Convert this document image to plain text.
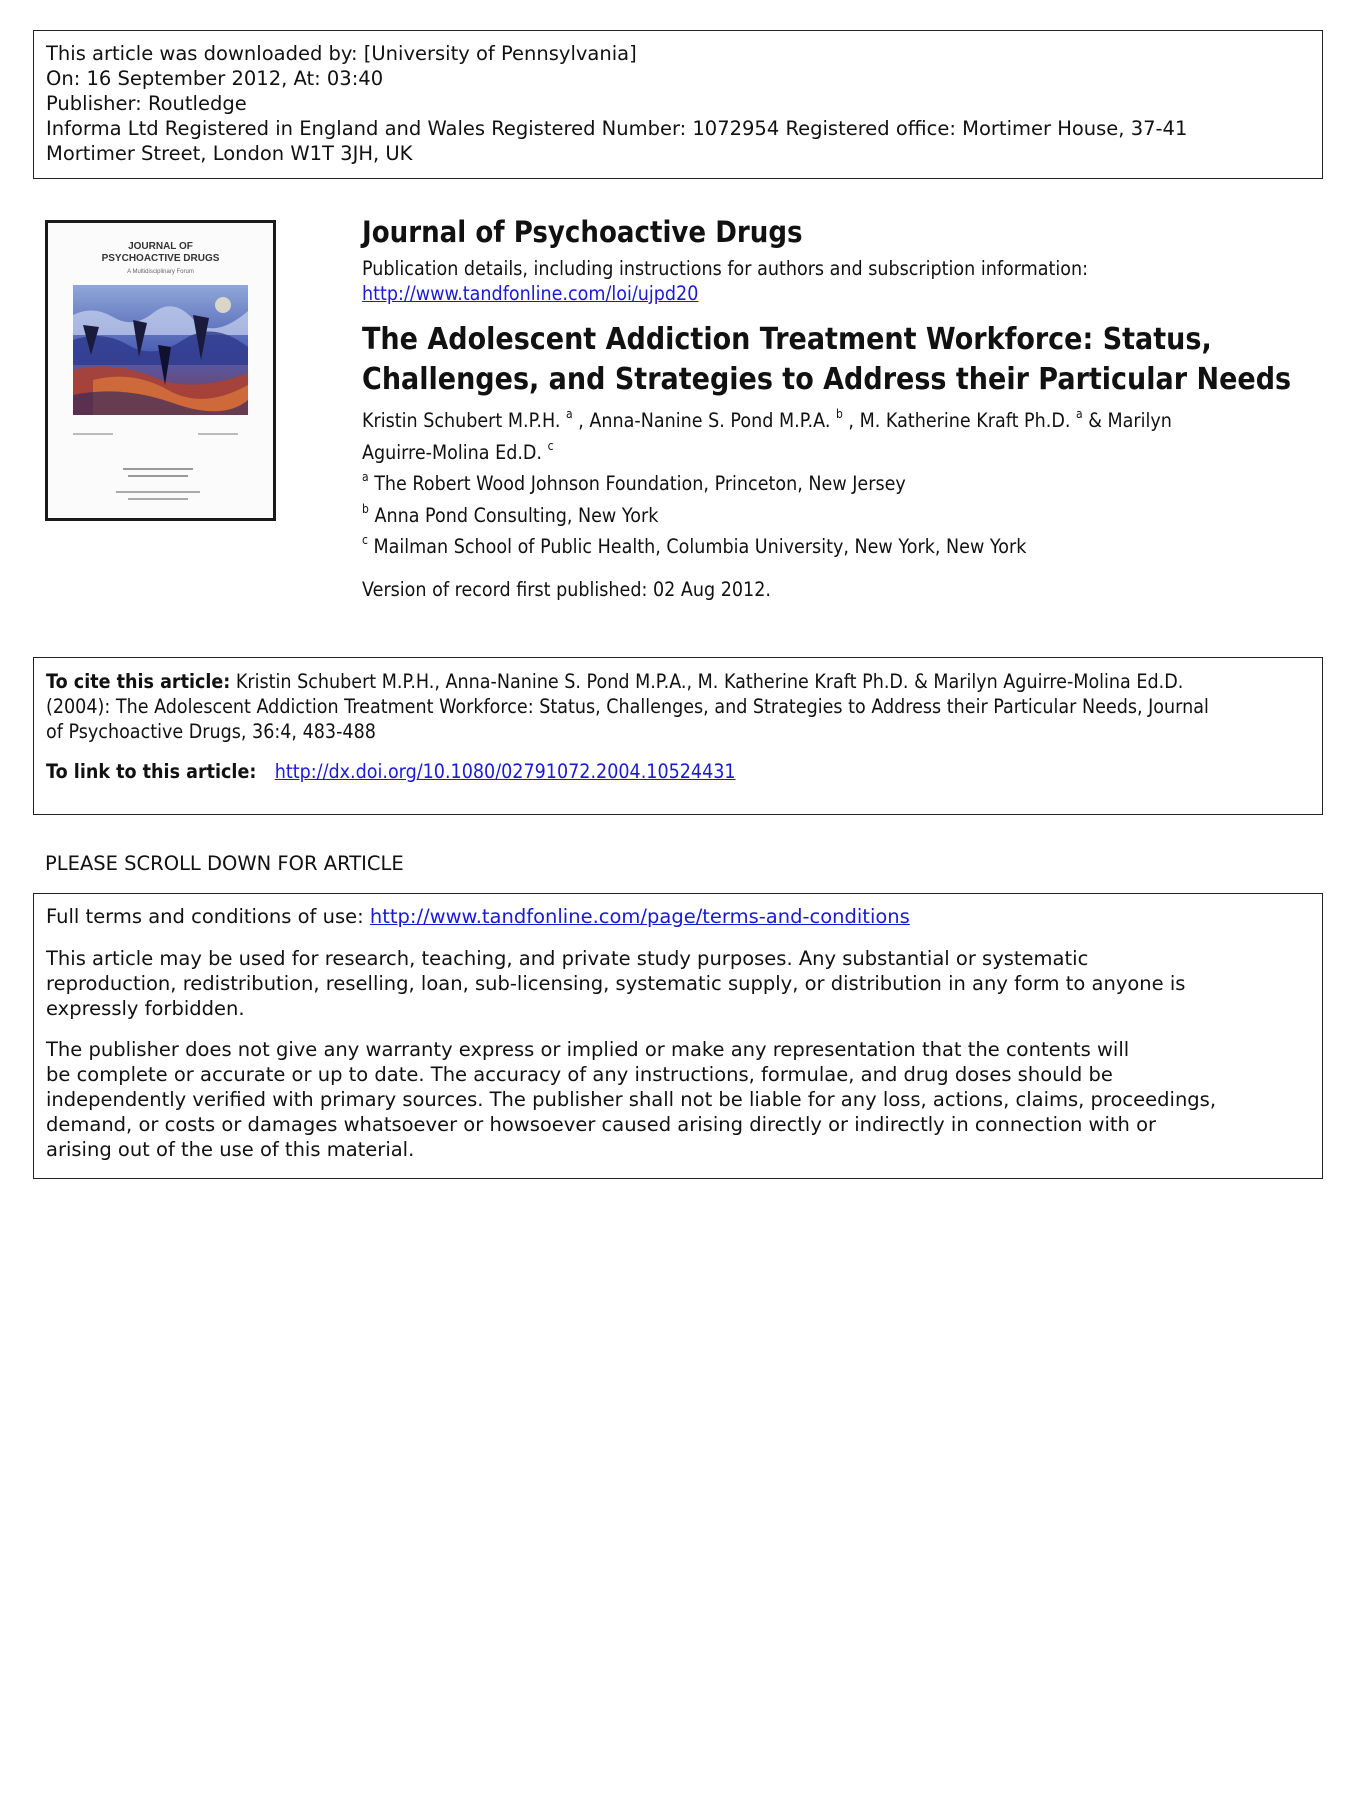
This article was downloaded by: [University of Pennsylvania]
On: 16 September 2012, At: 03:40
Publisher: Routledge
Informa Ltd Registered in England and Wales Registered Number: 1072954 Registered office: Mortimer House, 37-41
Mortimer Street, London W1T 3JH, UK
JOURNAL OF
PSYCHOACTIVE DRUGS
A Multidisciplinary Forum
Journal of Psychoactive Drugs
Publication details, including instructions for authors and subscription information:
http://www.tandfonline.com/loi/ujpd20
The Adolescent Addiction Treatment Workforce: Status,
Challenges, and Strategies to Address their Particular Needs
Kristin Schubert M.P.H. $^a$ , Anna-Nanine S. Pond M.P.A. $^b$ , M. Katherine Kraft Ph.D. $^a$ & Marilyn
Aguirre-Molina Ed.D. $^c$
$^a$ The Robert Wood Johnson Foundation, Princeton, New Jersey
$^b$ Anna Pond Consulting, New York
$^c$ Mailman School of Public Health, Columbia University, New York, New York
Version of record first published: 02 Aug 2012.
To cite this article: Kristin Schubert M.P.H., Anna-Nanine S. Pond M.P.A., M. Katherine Kraft Ph.D. & Marilyn Aguirre-Molina Ed.D.
(2004): The Adolescent Addiction Treatment Workforce: Status, Challenges, and Strategies to Address their Particular Needs, Journal
of Psychoactive Drugs, 36:4, 483-488
To link to this article: http://dx.doi.org/10.1080/02791072.2004.10524431
PLEASE SCROLL DOWN FOR ARTICLE
Full terms and conditions of use: http://www.tandfonline.com/page/terms-and-conditions
This article may be used for research, teaching, and private study purposes. Any substantial or systematic
reproduction, redistribution, reselling, loan, sub-licensing, systematic supply, or distribution in any form to anyone is
expressly forbidden.
The publisher does not give any warranty express or implied or make any representation that the contents will
be complete or accurate or up to date. The accuracy of any instructions, formulae, and drug doses should be
independently verified with primary sources. The publisher shall not be liable for any loss, actions, claims, proceedings,
demand, or costs or damages whatsoever or howsoever caused arising directly or indirectly in connection with or
arising out of the use of this material.
